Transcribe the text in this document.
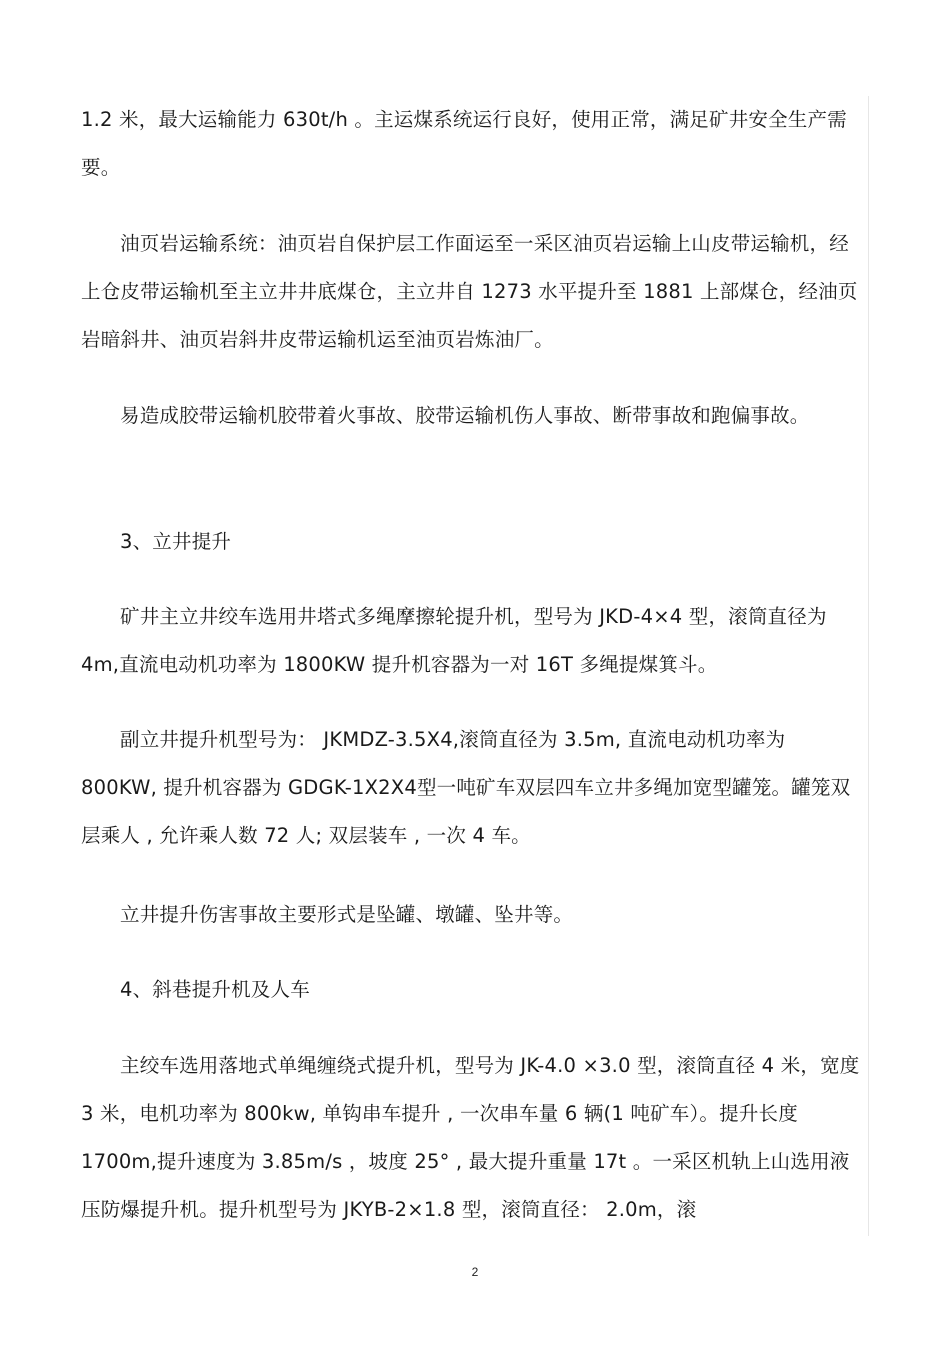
1.2 米，最大运输能力 630t/h 。主运煤系统运行良好，使用正常，满足矿井安全生产需要。

油页岩运输系统：油页岩自保护层工作面运至一采区油页岩运输上山皮带运输机，经上仓皮带运输机至主立井井底煤仓，主立井自 1273 水平提升至 1881 上部煤仓，经油页岩暗斜井、油页岩斜井皮带运输机运至油页岩炼油厂。

易造成胶带运输机胶带着火事故、胶带运输机伤人事故、断带事故和跑偏事故。

3、立井提升

矿井主立井绞车选用井塔式多绳摩擦轮提升机，型号为 JKD-4×4 型，滚筒直径为 4m,直流电动机功率为 1800KW 提升机容器为一对 16T 多绳提煤箕斗。

副立井提升机型号为： JKMDZ-3.5X4,滚筒直径为 3.5m, 直流电动机功率为 800KW, 提升机容器为 GDGK-1X2X4型一吨矿车双层四车立井多绳加宽型罐笼。罐笼双层乘人 , 允许乘人数 72 人; 双层装车 , 一次 4 车。

立井提升伤害事故主要形式是坠罐、墩罐、坠井等。

4、斜巷提升机及人车

主绞车选用落地式单绳缠绕式提升机，型号为 JK-4.0 ×3.0 型，滚筒直径 4 米，宽度 3 米，电机功率为 800kw, 单钩串车提升 , 一次串车量 6 辆(1 吨矿车）。提升长度 1700m,提升速度为 3.85m/s ，坡度 25° , 最大提升重量 17t 。一采区机轨上山选用液压防爆提升机。提升机型号为 JKYB-2×1.8 型，滚筒直径： 2.0m，滚

2
